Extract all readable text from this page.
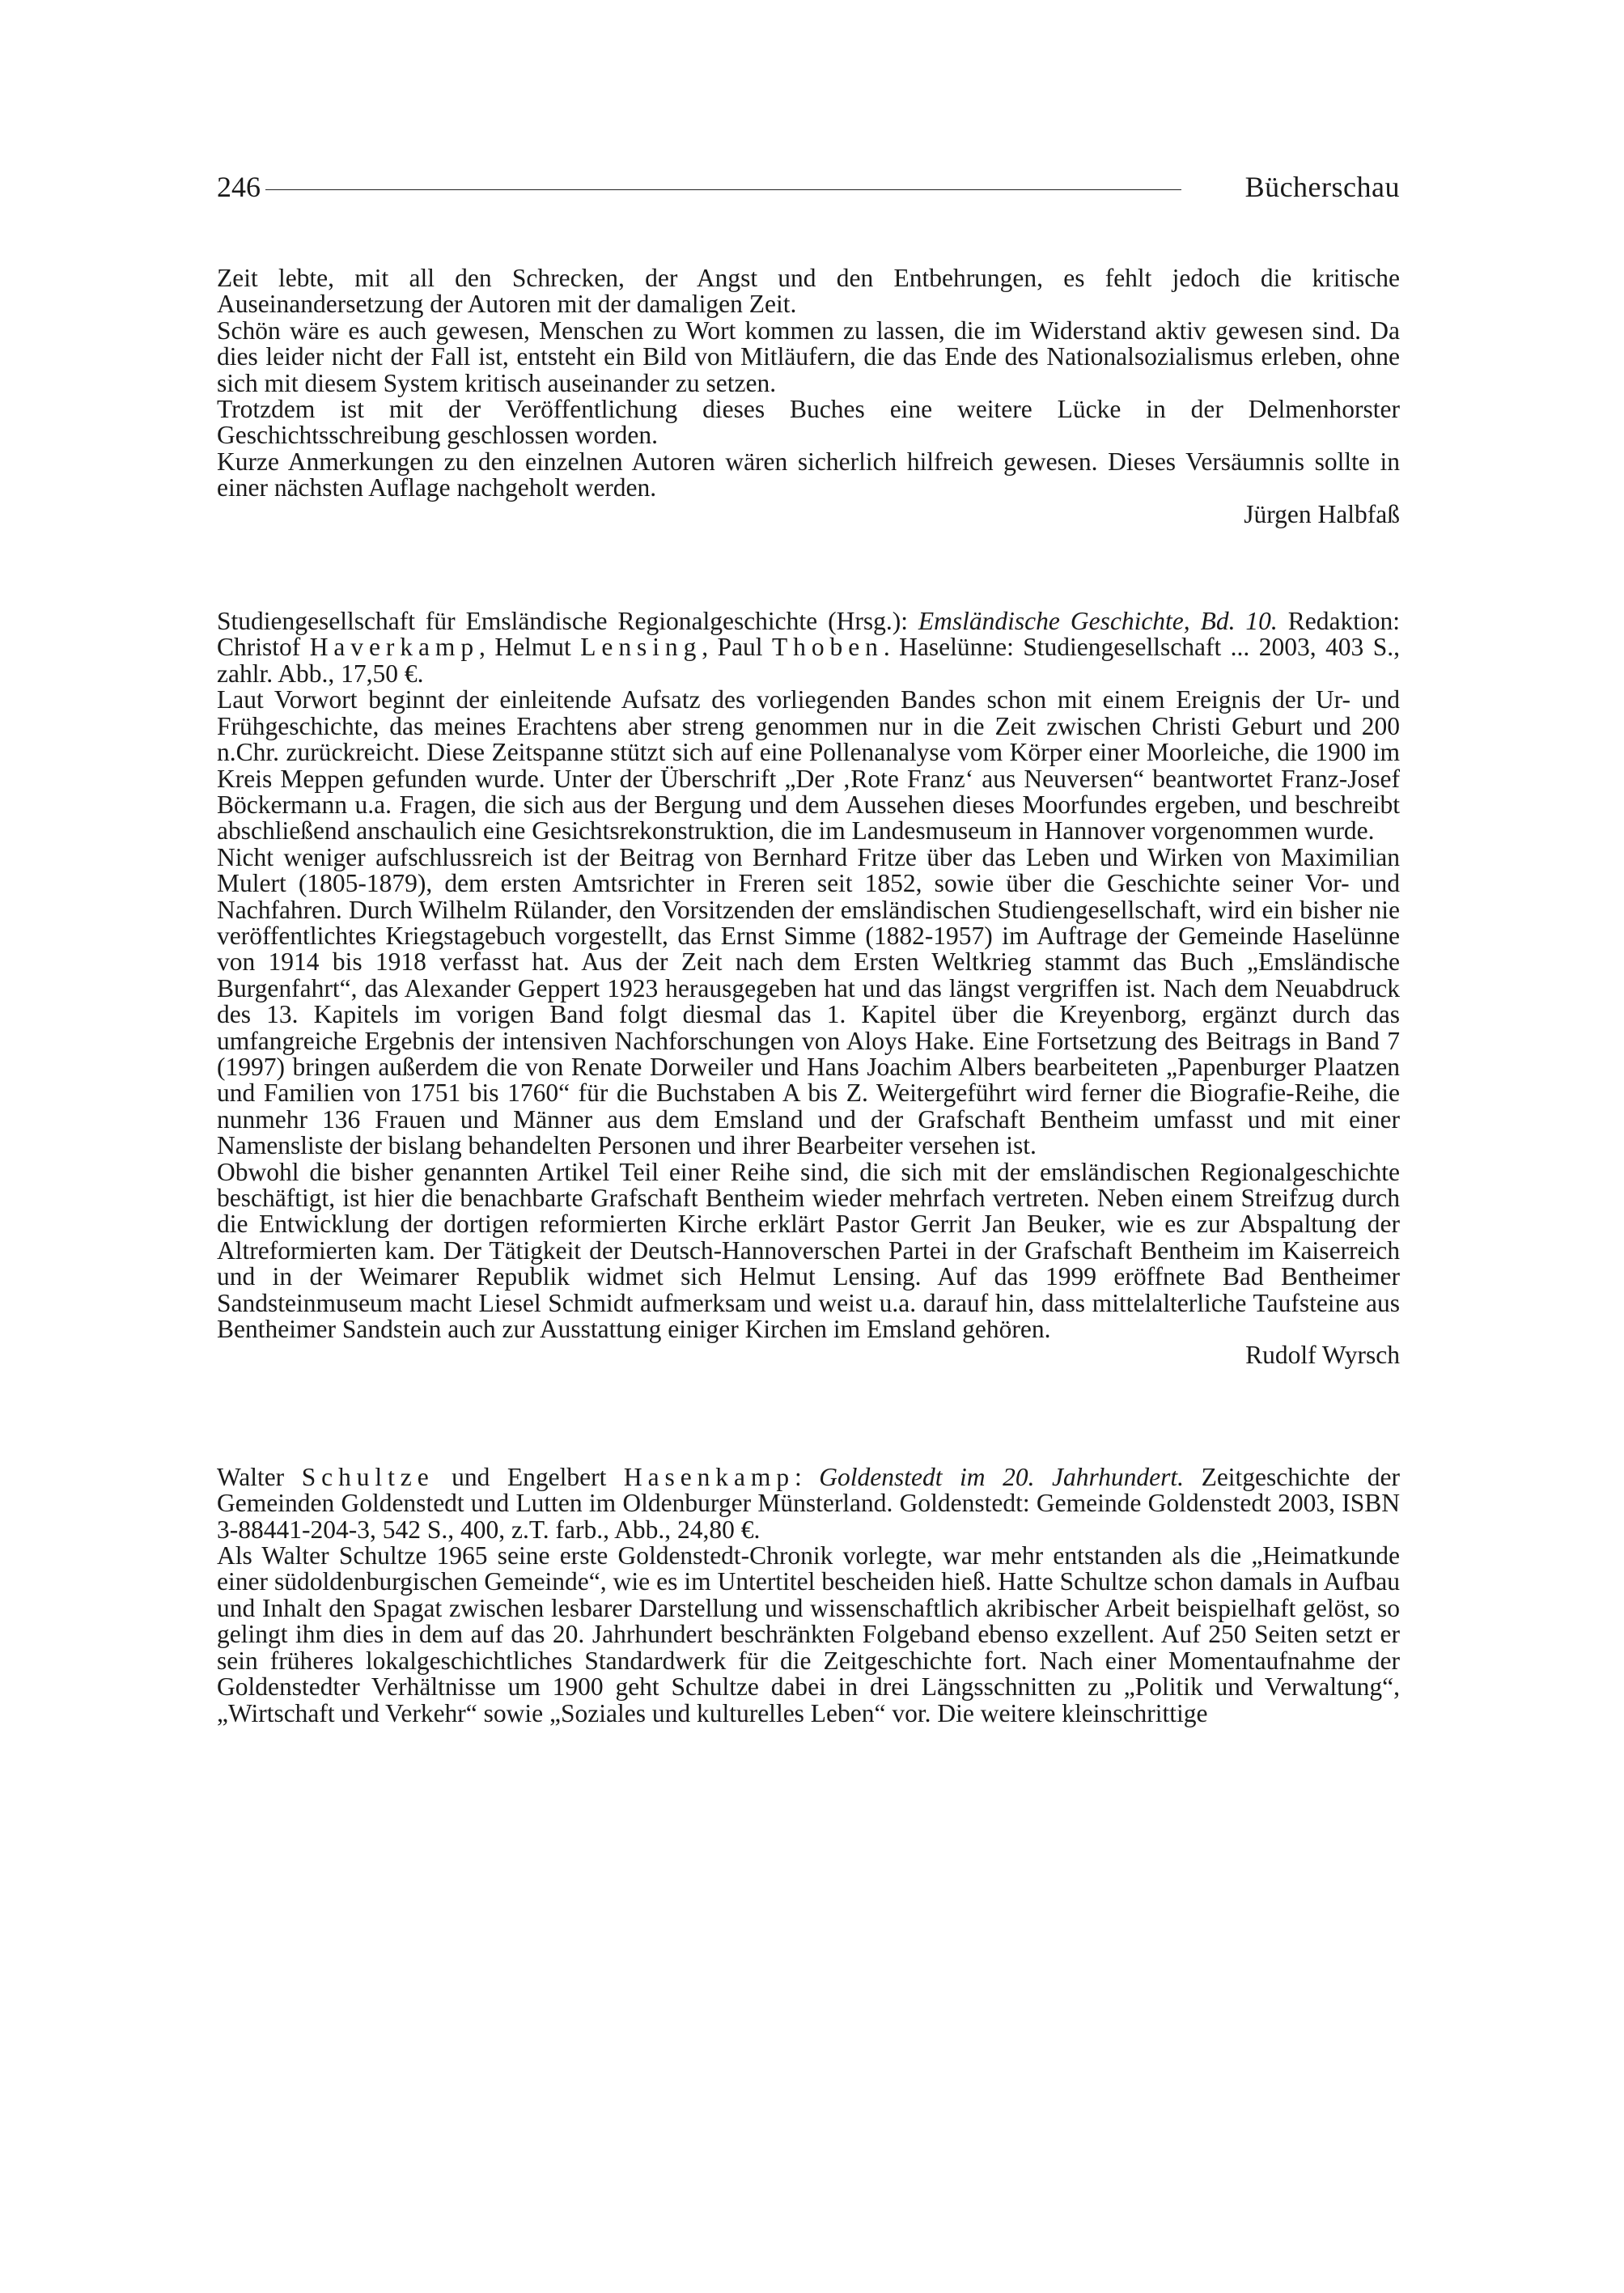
246	Bücherschau

Zeit lebte, mit all den Schrecken, der Angst und den Entbehrungen, es fehlt jedoch die kritische Auseinandersetzung der Autoren mit der damaligen Zeit.

Schön wäre es auch gewesen, Menschen zu Wort kommen zu lassen, die im Widerstand aktiv gewesen sind. Da dies leider nicht der Fall ist, entsteht ein Bild von Mitläufern, die das Ende des Nationalsozialismus erleben, ohne sich mit diesem System kritisch auseinander zu setzen.

Trotzdem ist mit der Veröffentlichung dieses Buches eine weitere Lücke in der Delmenhorster Geschichtsschreibung geschlossen worden.

Kurze Anmerkungen zu den einzelnen Autoren wären sicherlich hilfreich gewesen. Dieses Versäumnis sollte in einer nächsten Auflage nachgeholt werden.

Jürgen Halbfaß

Studiengesellschaft für Emsländische Regionalgeschichte (Hrsg.): Emsländische Geschichte, Bd. 10. Redaktion: Christof Haverkamp, Helmut Lensing, Paul Thoben. Haselünne: Studiengesellschaft ... 2003, 403 S., zahlr. Abb., 17,50 €.

Laut Vorwort beginnt der einleitende Aufsatz des vorliegenden Bandes schon mit einem Ereignis der Ur- und Frühgeschichte, das meines Erachtens aber streng genommen nur in die Zeit zwischen Christi Geburt und 200 n.Chr. zurückreicht. Diese Zeitspanne stützt sich auf eine Pollenanalyse vom Körper einer Moorleiche, die 1900 im Kreis Meppen gefunden wurde. Unter der Überschrift „Der ‚Rote Franz‘ aus Neuversen“ beantwortet Franz-Josef Böckermann u.a. Fragen, die sich aus der Bergung und dem Aussehen dieses Moorfundes ergeben, und beschreibt abschließend anschaulich eine Gesichtsrekonstruktion, die im Landesmuseum in Hannover vorgenommen wurde.

Nicht weniger aufschlussreich ist der Beitrag von Bernhard Fritze über das Leben und Wirken von Maximilian Mulert (1805-1879), dem ersten Amtsrichter in Freren seit 1852, sowie über die Geschichte seiner Vor- und Nachfahren. Durch Wilhelm Rülander, den Vorsitzenden der emsländischen Studiengesellschaft, wird ein bisher nie veröffentlichtes Kriegstagebuch vorgestellt, das Ernst Simme (1882-1957) im Auftrage der Gemeinde Haselünne von 1914 bis 1918 verfasst hat. Aus der Zeit nach dem Ersten Weltkrieg stammt das Buch „Emsländische Burgenfahrt“, das Alexander Geppert 1923 herausgegeben hat und das längst vergriffen ist. Nach dem Neuabdruck des 13. Kapitels im vorigen Band folgt diesmal das 1. Kapitel über die Kreyenborg, ergänzt durch das umfangreiche Ergebnis der intensiven Nachforschungen von Aloys Hake. Eine Fortsetzung des Beitrags in Band 7 (1997) bringen außerdem die von Renate Dorweiler und Hans Joachim Albers bearbeiteten „Papenburger Plaatzen und Familien von 1751 bis 1760“ für die Buchstaben A bis Z. Weitergeführt wird ferner die Biografie-Reihe, die nunmehr 136 Frauen und Männer aus dem Emsland und der Grafschaft Bentheim umfasst und mit einer Namensliste der bislang behandelten Personen und ihrer Bearbeiter versehen ist.

Obwohl die bisher genannten Artikel Teil einer Reihe sind, die sich mit der emsländischen Regionalgeschichte beschäftigt, ist hier die benachbarte Grafschaft Bentheim wieder mehrfach vertreten. Neben einem Streifzug durch die Entwicklung der dortigen reformierten Kirche erklärt Pastor Gerrit Jan Beuker, wie es zur Abspaltung der Altreformierten kam. Der Tätigkeit der Deutsch-Hannoverschen Partei in der Grafschaft Bentheim im Kaiserreich und in der Weimarer Republik widmet sich Helmut Lensing. Auf das 1999 eröffnete Bad Bentheimer Sandsteinmuseum macht Liesel Schmidt aufmerksam und weist u.a. darauf hin, dass mittelalterliche Taufsteine aus Bentheimer Sandstein auch zur Ausstattung einiger Kirchen im Emsland gehören.

Rudolf Wyrsch

Walter Schultze und Engelbert Hasenkamp: Goldenstedt im 20. Jahrhundert. Zeitgeschichte der Gemeinden Goldenstedt und Lutten im Oldenburger Münsterland. Goldenstedt: Gemeinde Goldenstedt 2003, ISBN 3-88441-204-3, 542 S., 400, z.T. farb., Abb., 24,80 €.

Als Walter Schultze 1965 seine erste Goldenstedt-Chronik vorlegte, war mehr entstanden als die „Heimatkunde einer südoldenburgischen Gemeinde“, wie es im Untertitel bescheiden hieß. Hatte Schultze schon damals in Aufbau und Inhalt den Spagat zwischen lesbarer Darstellung und wissenschaftlich akribischer Arbeit beispielhaft gelöst, so gelingt ihm dies in dem auf das 20. Jahrhundert beschränkten Folgeband ebenso exzellent. Auf 250 Seiten setzt er sein früheres lokalgeschichtliches Standardwerk für die Zeitgeschichte fort. Nach einer Momentaufnahme der Goldenstedter Verhältnisse um 1900 geht Schultze dabei in drei Längsschnitten zu „Politik und Verwaltung“, „Wirtschaft und Verkehr“ sowie „Soziales und kulturelles Leben“ vor. Die weitere kleinschrittige
